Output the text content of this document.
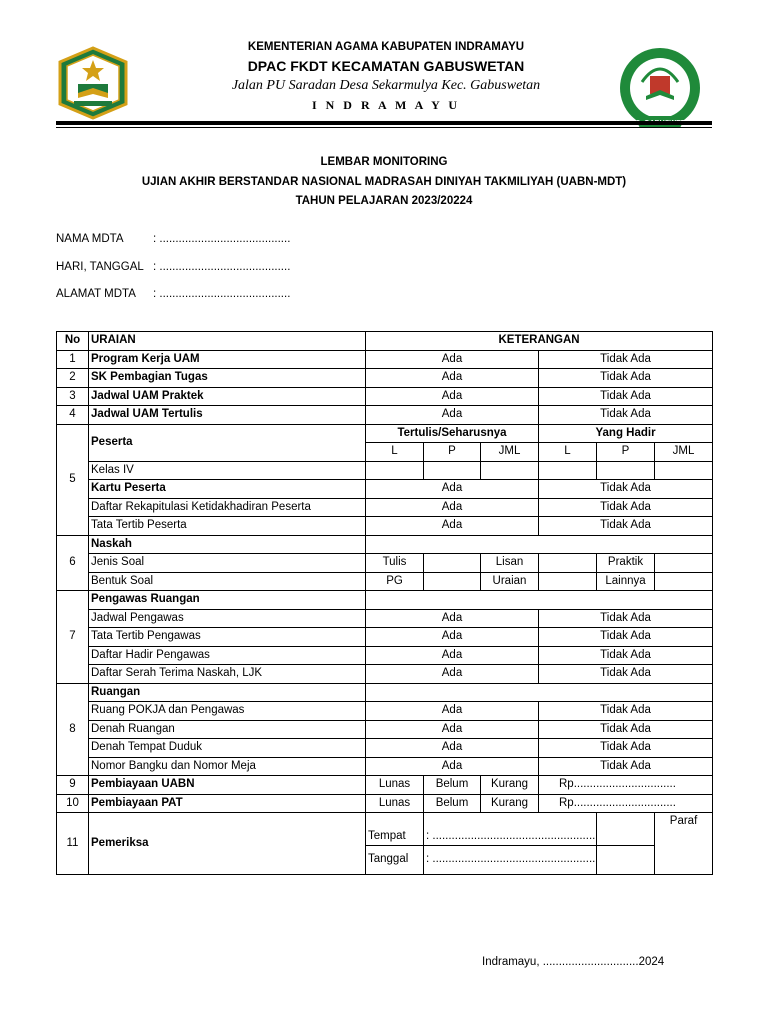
KEMENTERIAN AGAMA KABUPATEN INDRAMAYU
DPAC FKDT KECAMATAN GABUSWETAN
Jalan PU Saradan Desa Sekarmulya Kec. Gabuswetan
I N D R A M A Y U
LEMBAR MONITORING
UJIAN AKHIR BERSTANDAR NASIONAL MADRASAH DINIYAH TAKMILIYAH (UABN-MDT)
TAHUN PELAJARAN 2023/20224
NAMA MDTA	: .........................................
HARI, TANGGAL : .........................................
ALAMAT MDTA	: .........................................
No	URAIAN	KETERANGAN					
1	Program Kerja UAM	Ada			Tidak Ada		
2	SK Pembagian Tugas	Ada			Tidak Ada		
3	Jadwal UAM Praktek	Ada			Tidak Ada		
4	Jadwal UAM Tertulis	Ada			Tidak Ada		
5	Peserta	Tertulis/Seharusnya			Yang Hadir		
		L	P	JML	L	P	JML
	Kelas IV						
	Kartu Peserta	Ada			Tidak Ada		
	Daftar Rekapitulasi Ketidakhadiran Peserta	Ada			Tidak Ada		
	Tata Tertib Peserta	Ada			Tidak Ada		
6	Naskah						
	Jenis Soal	Tulis		Lisan		Praktik	
	Bentuk Soal	PG		Uraian		Lainnya	
7	Pengawas Ruangan						
	Jadwal Pengawas	Ada			Tidak Ada		
	Tata Tertib Pengawas	Ada			Tidak Ada		
	Daftar Hadir Pengawas	Ada			Tidak Ada		
	Daftar Serah Terima Naskah, LJK	Ada			Tidak Ada		
8	Ruangan						
	Ruang POKJA dan Pengawas	Ada			Tidak Ada		
	Denah Ruangan	Ada			Tidak Ada		
	Denah Tempat Duduk	Ada			Tidak Ada		
	Nomor Bangku dan Nomor Meja	Ada			Tidak Ada		
9	Pembiayaan UABN	Lunas	Belum	Kurang	Rp................................		
10	Pembiayaan PAT	Lunas	Belum	Kurang	Rp................................		
11	Pemeriksa	Tempat	: ...................................................				Paraf
		Tanggal	: ...................................................				
Indramayu, ..............................2024
